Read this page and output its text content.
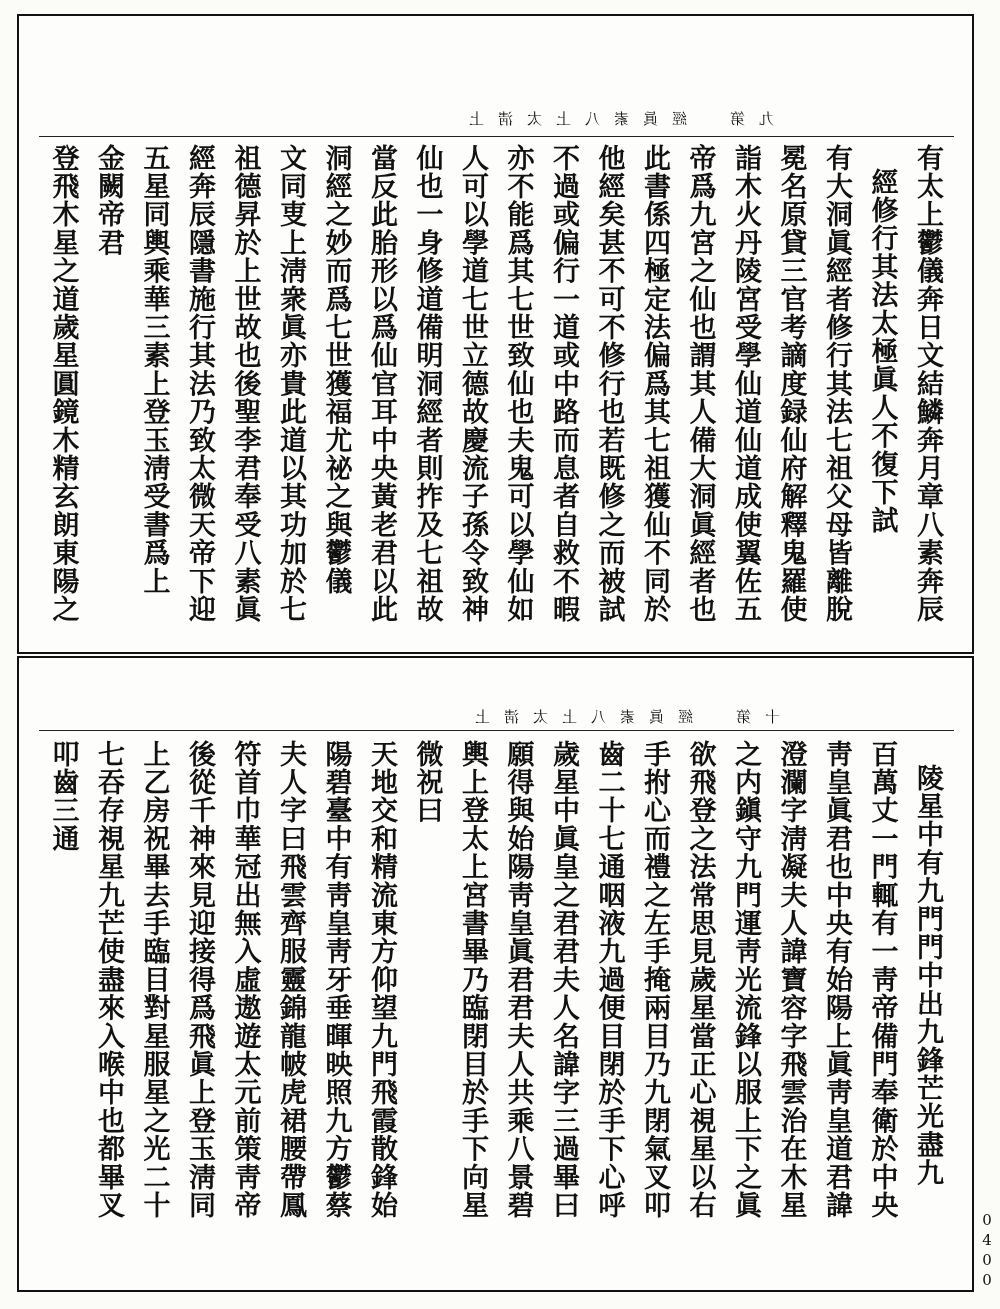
上淸太上八素眞經　第九
有太上鬱儀奔日文結鱗奔月章八素奔辰
經修行其法太極眞人不復下試
有大洞眞經者修行其法七祖父母皆離脫
冕名原貸三官考謫度録仙府解釋鬼羅使
詣木火丹陵宮受學仙道仙道成使翼佐五
帝爲九宮之仙也謂其人備大洞眞經者也
此書係四極定法偏爲其七祖獲仙不同於
他經矣甚不可不修行也若既修之而被試
不過或偏行一道或中路而息者自救不暇
亦不能爲其七世致仙也夫鬼可以學仙如
人可以學道七世立德故慶流子孫令致神
仙也一身修道備明洞經者則拃及七祖故
當反此胎形以爲仙官耳中央黃老君以此
洞經之妙而爲七世獲福尤祕之與鬱儀
文同叓上淸衆眞亦貴此道以其功加於七
祖德昇於上世故也後聖李君奉受八素眞
經奔辰隱書施行其法乃致太微天帝下迎
五星同輿乘華三素上登玉淸受書爲上
金闕帝君
登飛木星之道歲星圓鏡木精玄朗東陽之
上淸太上八素眞經　第十
陵星中有九門門中出九鋒芒光盡九
百萬丈一門輒有一靑帝備門奉衛於中央
靑皇眞君也中央有始陽上眞靑皇道君諱
澄瀾字淸凝夫人諱寶容字飛雲治在木星
之内鎭守九門運靑光流鋒以服上下之眞
欲飛登之法常思見歲星當正心視星以右
手拊心而禮之左手掩兩目乃九閉氣叉叩
齒二十七通咽液九過便目閉於手下心呼
歲星中眞皇之君君夫人名諱字三過畢曰
願得與始陽靑皇眞君君夫人共乘八景碧
輿上登太上宮書畢乃臨閉目於手下向星
微祝曰
天地交和精流東方仰望九門飛霞散鋒始
陽碧臺中有靑皇靑牙垂暉映照九方鬱蔡
夫人字曰飛雲齊服靈錦龍帔虎裙腰帶鳳
符首巾華冠出無入虛遨遊太元前策靑帝
後從千神來見迎接得爲飛眞上登玉淸同
上乙房祝畢去手臨目對星服星之光二十
七吞存視星九芒使盡來入喉中也都畢叉
叩齒三通
0400
